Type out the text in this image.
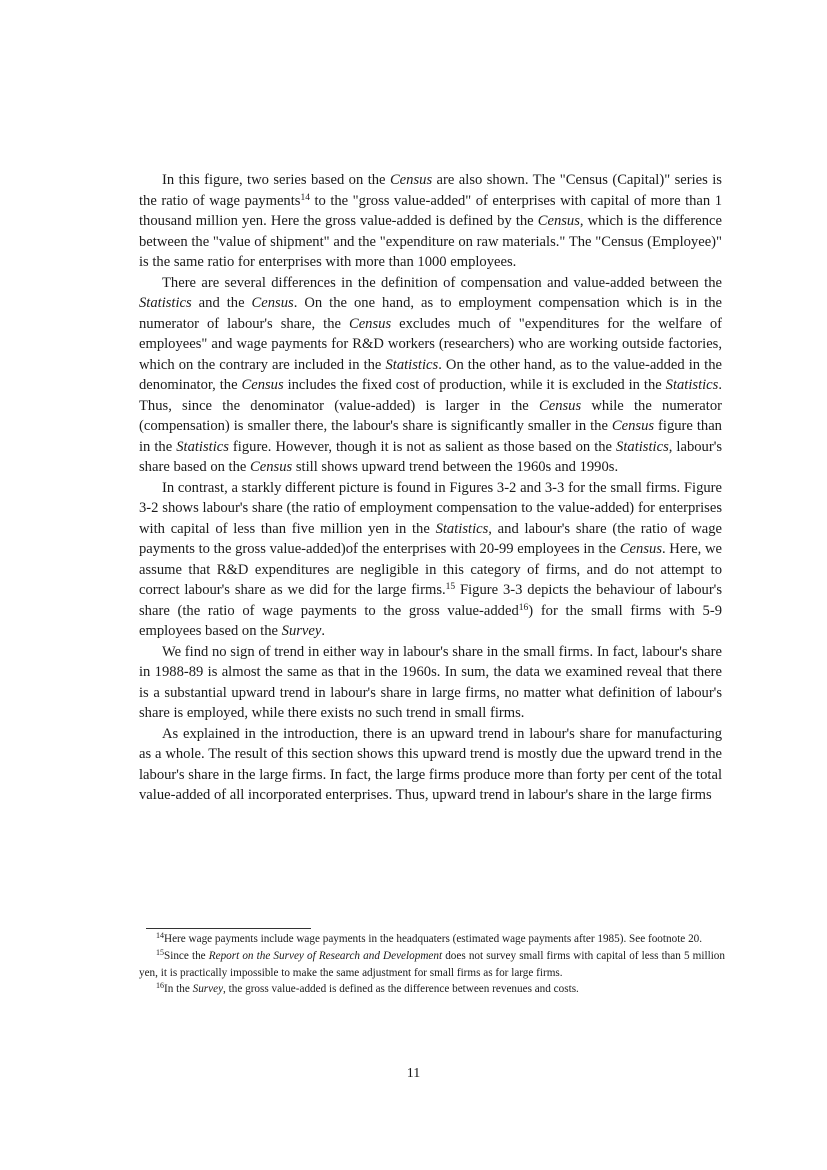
In this figure, two series based on the Census are also shown. The "Census (Capital)" series is the ratio of wage payments$^{14}$ to the "gross value-added" of enterprises with capital of more than 1 thousand million yen. Here the gross value-added is defined by the Census, which is the difference between the "value of shipment" and the "expenditure on raw materials." The "Census (Employee)" is the same ratio for enterprises with more than 1000 employees.

There are several differences in the definition of compensation and value-added between the Statistics and the Census. On the one hand, as to employment compensation which is in the numerator of labour's share, the Census excludes much of "expenditures for the welfare of employees" and wage payments for R&D workers (researchers) who are working outside factories, which on the contrary are included in the Statistics. On the other hand, as to the value-added in the denominator, the Census includes the fixed cost of production, while it is excluded in the Statistics. Thus, since the denominator (value-added) is larger in the Census while the numerator (compensation) is smaller there, the labour's share is significantly smaller in the Census figure than in the Statistics figure. However, though it is not as salient as those based on the Statistics, labour's share based on the Census still shows upward trend between the 1960s and 1990s.

In contrast, a starkly different picture is found in Figures 3-2 and 3-3 for the small firms. Figure 3-2 shows labour's share (the ratio of employment compensation to the value-added) for enterprises with capital of less than five million yen in the Statistics, and labour's share (the ratio of wage payments to the gross value-added)of the enterprises with 20-99 employees in the Census. Here, we assume that R&D expenditures are negligible in this category of firms, and do not attempt to correct labour's share as we did for the large firms.$^{15}$ Figure 3-3 depicts the behaviour of labour's share (the ratio of wage payments to the gross value-added$^{16}$) for the small firms with 5-9 employees based on the Survey.

We find no sign of trend in either way in labour's share in the small firms. In fact, labour's share in 1988-89 is almost the same as that in the 1960s. In sum, the data we examined reveal that there is a substantial upward trend in labour's share in large firms, no matter what definition of labour's share is employed, while there exists no such trend in small firms.

As explained in the introduction, there is an upward trend in labour's share for manufacturing as a whole. The result of this section shows this upward trend is mostly due the upward trend in the labour's share in the large firms. In fact, the large firms produce more than forty per cent of the total value-added of all incorporated enterprises. Thus, upward trend in labour's share in the large firms

$^{14}$Here wage payments include wage payments in the headquaters (estimated wage payments after 1985). See footnote 20.

$^{15}$Since the Report on the Survey of Research and Development does not survey small firms with capital of less than 5 million yen, it is practically impossible to make the same adjustment for small firms as for large firms.

$^{16}$In the Survey, the gross value-added is defined as the difference between revenues and costs.

11
